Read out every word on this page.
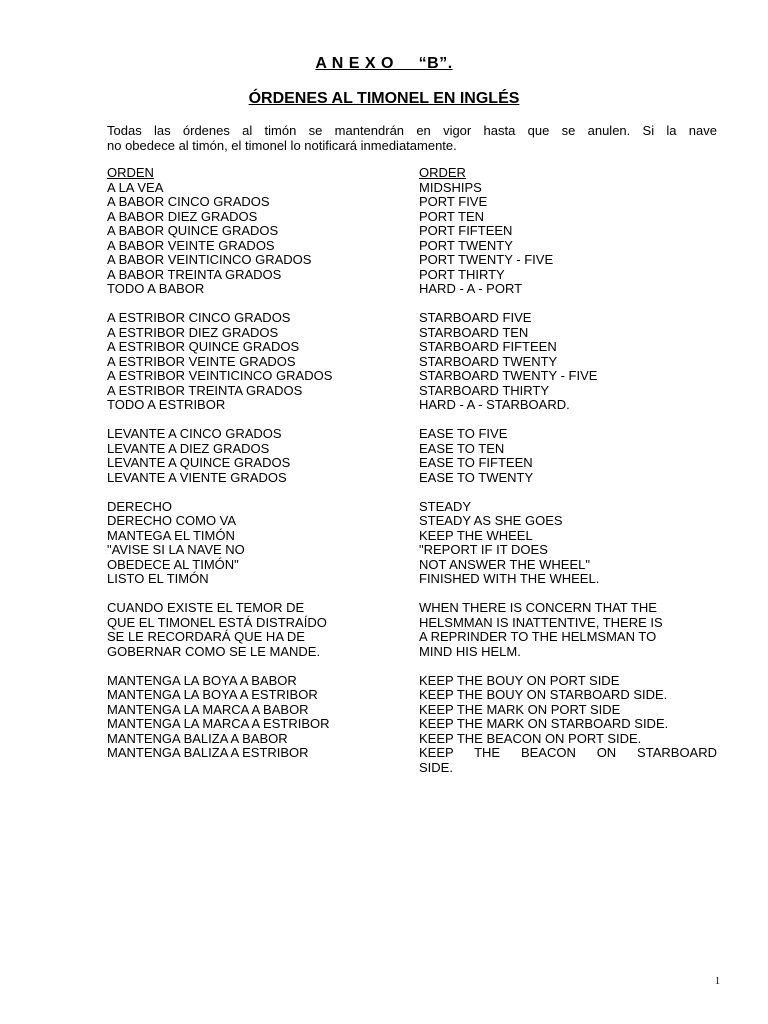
A N E X O     “B”.
ÓRDENES AL TIMONEL EN INGLÉS
Todas las órdenes al timón se mantendrán en vigor hasta que se anulen. Si la nave
no obedece al timón, el timonel lo notificará inmediatamente.
ORDEN	ORDER
A LA VEA	MIDSHIPS
A BABOR CINCO GRADOS	PORT FIVE
A BABOR DIEZ GRADOS	PORT TEN
A BABOR QUINCE GRADOS	PORT FIFTEEN
A BABOR VEINTE GRADOS	PORT TWENTY
A BABOR VEINTICINCO GRADOS	PORT TWENTY - FIVE
A BABOR TREINTA GRADOS	PORT THIRTY
TODO A BABOR	HARD - A - PORT
A ESTRIBOR CINCO GRADOS	STARBOARD FIVE
A ESTRIBOR DIEZ GRADOS	STARBOARD TEN
A ESTRIBOR QUINCE GRADOS	STARBOARD FIFTEEN
A ESTRIBOR VEINTE GRADOS	STARBOARD TWENTY
A ESTRIBOR VEINTICINCO GRADOS	STARBOARD TWENTY - FIVE
A ESTRIBOR TREINTA GRADOS	STARBOARD THIRTY
TODO A ESTRIBOR	HARD - A - STARBOARD.
LEVANTE A CINCO GRADOS	EASE TO FIVE
LEVANTE A DIEZ GRADOS	EASE TO TEN
LEVANTE A QUINCE GRADOS	EASE TO FIFTEEN
LEVANTE A VIENTE GRADOS	EASE TO TWENTY
DERECHO	STEADY
DERECHO COMO VA	STEADY AS SHE GOES
MANTEGA EL TIMÓN	KEEP THE WHEEL
"AVISE SI LA NAVE NO	"REPORT IF IT DOES
OBEDECE AL TIMÓN"	NOT ANSWER THE WHEEL"
LISTO EL TIMÓN	FINISHED WITH THE WHEEL.
CUANDO EXISTE EL TEMOR DE	WHEN THERE IS CONCERN THAT THE
QUE EL TIMONEL ESTÁ DISTRAÍDO	HELSMMAN IS INATTENTIVE, THERE IS
SE LE RECORDARÁ QUE HA DE	A REPRINDER TO THE HELMSMAN TO
GOBERNAR COMO SE LE MANDE.	MIND HIS HELM.
MANTENGA LA BOYA A BABOR	KEEP THE BOUY ON PORT SIDE
MANTENGA LA BOYA A ESTRIBOR	KEEP THE BOUY ON STARBOARD SIDE.
MANTENGA LA MARCA A BABOR	KEEP THE MARK ON PORT SIDE
MANTENGA LA MARCA A ESTRIBOR	KEEP THE MARK ON STARBOARD SIDE.
MANTENGA BALIZA A BABOR	KEEP THE BEACON ON PORT SIDE.
MANTENGA BALIZA A ESTRIBOR	KEEP THE BEACON ON STARBOARD
SIDE.
1
